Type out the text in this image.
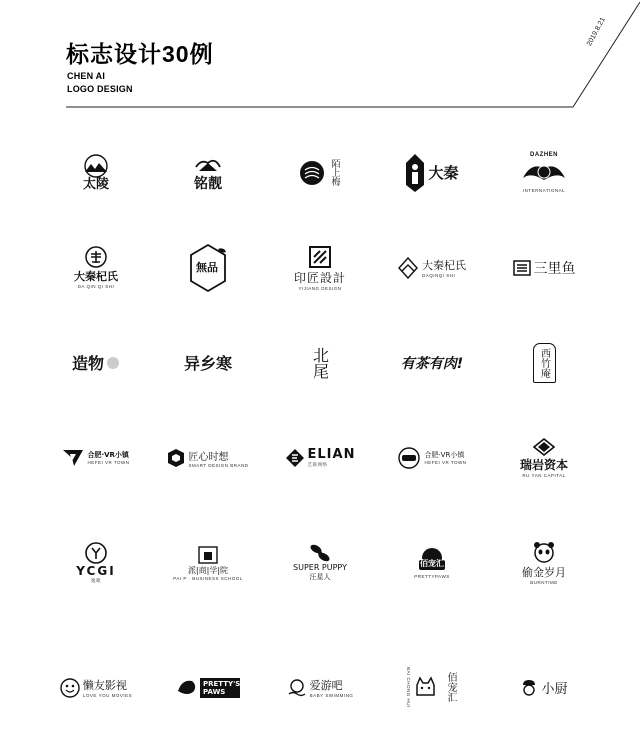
标志设计30例
CHEN AI
LOGO DESIGN
2019.8.21
太陵	铭靓	陌上梅	大秦
DAZHEN
INTERNATIONAL
大秦杞氏
DA QIN QI SHI
無品
印匠設計
YIJIANG DESIGN
大秦杞氏
DAQINQI SHI	三里鱼
造物	异乡寒	北尾	有茶有肉!	西竹庵
合肥·VR小镇
HEFEI VR TOWN	匠心时想
SMART DESIGN BRAND
ELIAN
艺联网络
合肥·VR小镇
HEFEI VR TOWN	瑞岩资本
RU YAN CAPITAL
YCGI
逸歌
派|商|学|院
PAI P · BUSINESS SCHOOL
SUPER PUPPY
汪星人
佰宠汇
PRETTYPAWS	偷金岁月
BURNTIME
懒友影视
LOVE YOU MOVIES
PRETTY'S PAWS	爱游吧
BABY SWIMMING	BAI CHONG HUI	佰宠汇	小厨
